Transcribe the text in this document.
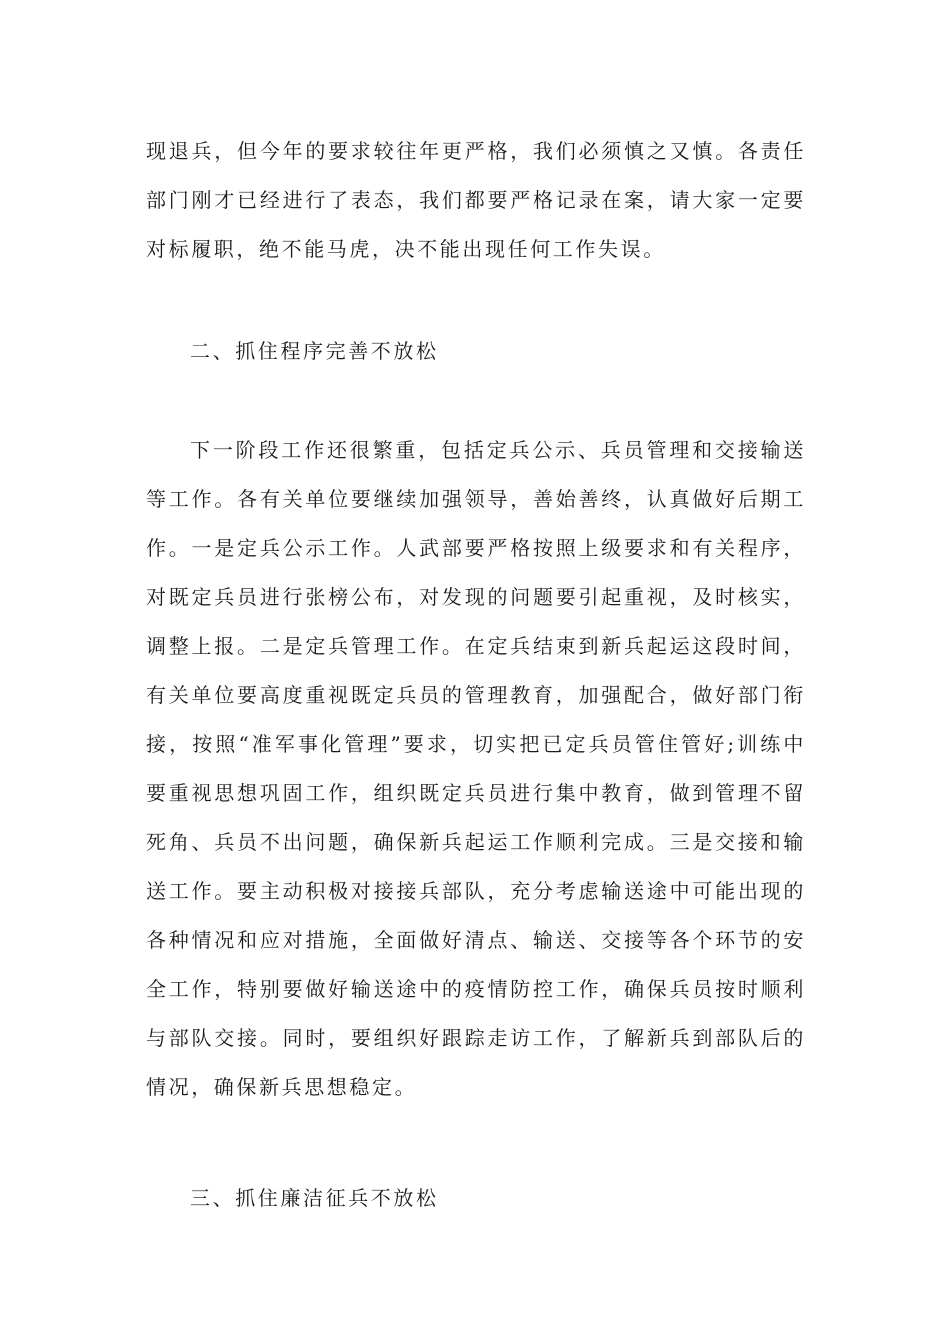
现退兵，但今年的要求较往年更严格，我们必须慎之又慎。各责任

部门刚才已经进行了表态，我们都要严格记录在案，请大家一定要

对标履职，绝不能马虎，决不能出现任何工作失误。

二、抓住程序完善不放松

下一阶段工作还很繁重，包括定兵公示、兵员管理和交接输送

等工作。各有关单位要继续加强领导，善始善终，认真做好后期工

作。一是定兵公示工作。人武部要严格按照上级要求和有关程序，

对既定兵员进行张榜公布，对发现的问题要引起重视，及时核实，

调整上报。二是定兵管理工作。在定兵结束到新兵起运这段时间，

有关单位要高度重视既定兵员的管理教育，加强配合，做好部门衔

接，按照“准军事化管理”要求，切实把已定兵员管住管好;训练中

要重视思想巩固工作，组织既定兵员进行集中教育，做到管理不留

死角、兵员不出问题，确保新兵起运工作顺利完成。三是交接和输

送工作。要主动积极对接接兵部队，充分考虑输送途中可能出现的

各种情况和应对措施，全面做好清点、输送、交接等各个环节的安

全工作，特别要做好输送途中的疫情防控工作，确保兵员按时顺利

与部队交接。同时，要组织好跟踪走访工作，了解新兵到部队后的

情况，确保新兵思想稳定。

三、抓住廉洁征兵不放松
